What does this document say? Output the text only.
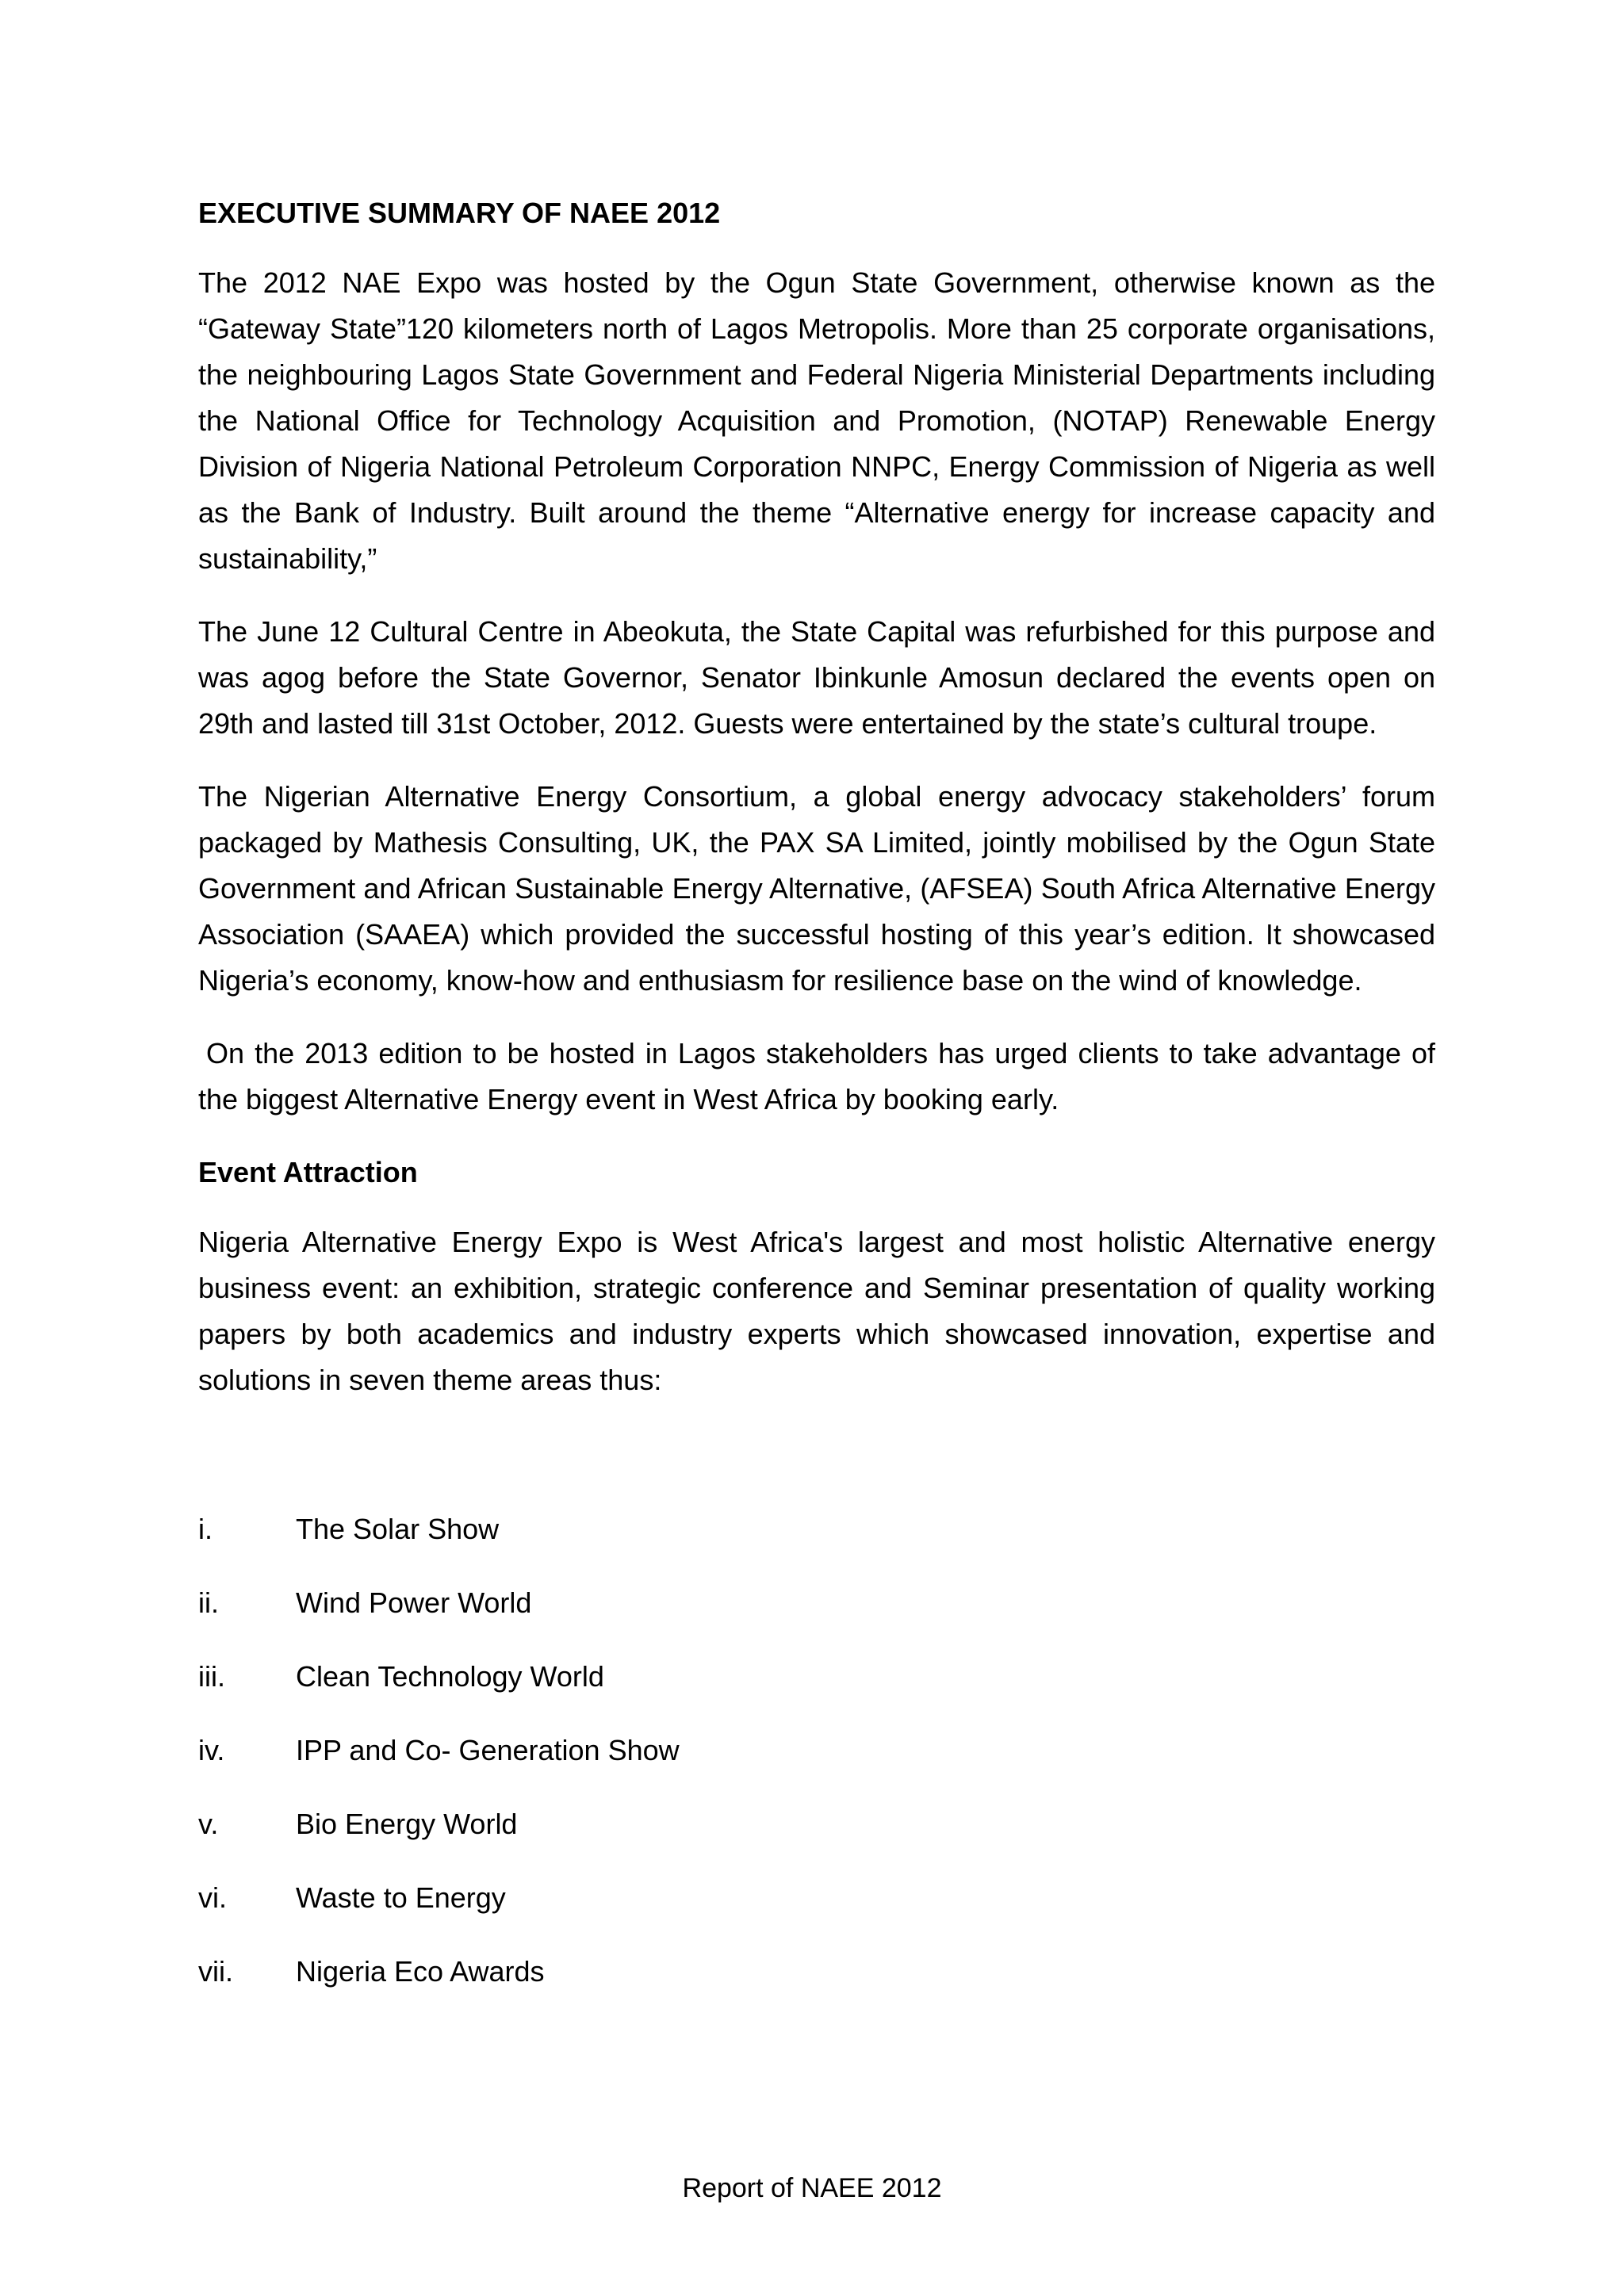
EXECUTIVE SUMMARY OF NAEE 2012

The 2012 NAE Expo was hosted by the Ogun State Government, otherwise known as the “Gateway State”120 kilometers north of Lagos Metropolis. More than 25 corporate organisations, the neighbouring Lagos State Government and Federal Nigeria Ministerial Departments including the National Office for Technology Acquisition and Promotion, (NOTAP) Renewable Energy Division of Nigeria National Petroleum Corporation NNPC, Energy Commission of Nigeria as well as the Bank of Industry. Built around the theme “Alternative energy for increase capacity and sustainability,”

The June 12 Cultural Centre in Abeokuta, the State Capital was refurbished for this purpose and was agog before the State Governor, Senator Ibinkunle Amosun declared the events open on 29th and lasted till 31st October, 2012. Guests were entertained by the state’s cultural troupe.

The Nigerian Alternative Energy Consortium, a global energy advocacy stakeholders’ forum packaged by Mathesis Consulting, UK, the PAX SA Limited, jointly mobilised by the Ogun State Government and African Sustainable Energy Alternative, (AFSEA) South Africa Alternative Energy Association (SAAEA) which provided the successful hosting of this year’s edition. It showcased Nigeria’s economy, know-how and enthusiasm for resilience base on the wind of knowledge.

On the 2013 edition to be hosted in Lagos stakeholders has urged clients to take advantage of the biggest Alternative Energy event in West Africa by booking early.

Event Attraction

Nigeria Alternative Energy Expo is West Africa's largest and most holistic Alternative energy business event: an exhibition, strategic conference and Seminar presentation of quality working papers by both academics and industry experts which showcased innovation, expertise and solutions in seven theme areas thus:

i.	The Solar Show
ii.	Wind Power World
iii.	Clean Technology World
iv.	IPP and Co- Generation Show
v.	Bio Energy World
vi.	Waste to Energy
vii.	Nigeria Eco Awards
Report of NAEE 2012
